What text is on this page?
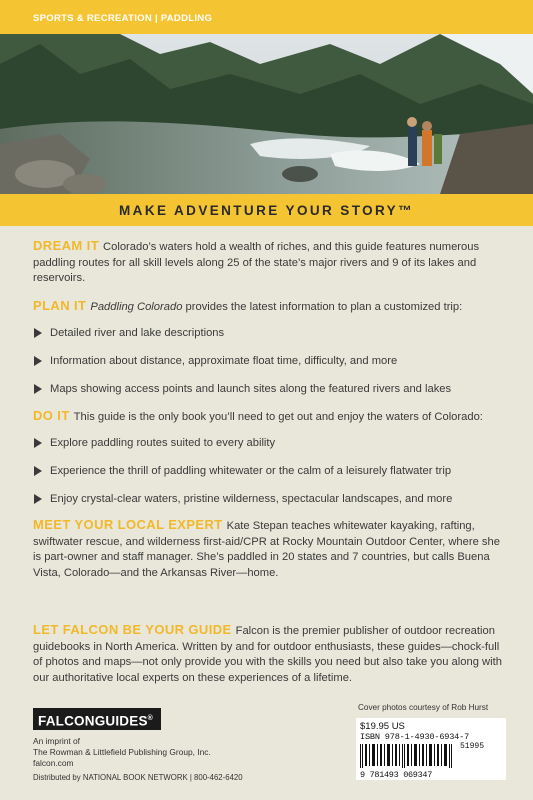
SPORTS & RECREATION | PADDLING
MAKE ADVENTURE YOUR STORY™
DREAM IT Colorado’s waters hold a wealth of riches, and this guide features numerous paddling routes for all skill levels along 25 of the state’s major rivers and 9 of its lakes and reservoirs.
PLAN IT Paddling Colorado provides the latest information to plan a customized trip:
Detailed river and lake descriptions
Information about distance, approximate float time, difficulty, and more
Maps showing access points and launch sites along the featured rivers and lakes
DO IT This guide is the only book you’ll need to get out and enjoy the waters of Colorado:
Explore paddling routes suited to every ability
Experience the thrill of paddling whitewater or the calm of a leisurely flatwater trip
Enjoy crystal-clear waters, pristine wilderness, spectacular landscapes, and more
MEET YOUR LOCAL EXPERT Kate Stepan teaches whitewater kayaking, rafting, swiftwater rescue, and wilderness first-aid/CPR at Rocky Mountain Outdoor Center, where she is part-owner and staff manager. She’s paddled in 20 states and 7 countries, but calls Buena Vista, Colorado—and the Arkansas River—home.
LET FALCON BE YOUR GUIDE Falcon is the premier publisher of outdoor recreation guidebooks in North America. Written by and for outdoor enthusiasts, these guides—chock-full of photos and maps—not only provide you with the skills you need but also take you along with our authoritative local experts on these experiences of a lifetime.
Cover photos courtesy of Rob Hurst
FALCONGUIDES®
An imprint of
The Rowman & Littlefield Publishing Group, Inc.
falcon.com
Distributed by NATIONAL BOOK NETWORK | 800-462-6420
$19.95 US
ISBN 978-1-4930-6934-7
51995
9 781493 069347
